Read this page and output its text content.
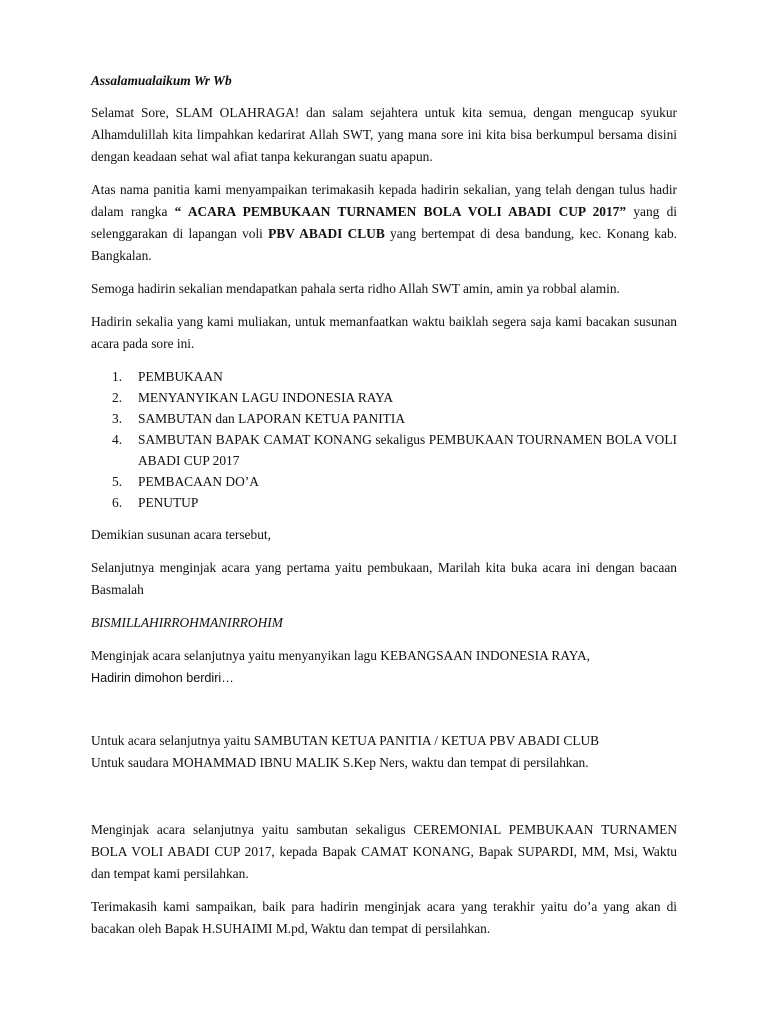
Assalamualaikum Wr Wb

Selamat Sore, SLAM OLAHRAGA! dan salam sejahtera untuk kita semua, dengan mengucap syukur Alhamdulillah kita limpahkan kedarirat Allah SWT, yang mana sore ini kita bisa berkumpul bersama disini dengan keadaan sehat wal afiat tanpa kekurangan suatu apapun.

Atas nama panitia kami menyampaikan terimakasih kepada hadirin sekalian, yang telah dengan tulus hadir dalam rangka “ ACARA PEMBUKAAN TURNAMEN BOLA VOLI ABADI CUP 2017” yang di selenggarakan di lapangan voli PBV ABADI CLUB yang bertempat di desa bandung, kec. Konang kab. Bangkalan.

Semoga hadirin sekalian mendapatkan pahala serta ridho Allah SWT amin, amin ya robbal alamin.

Hadirin sekalia yang kami muliakan, untuk memanfaatkan waktu baiklah segera saja kami bacakan susunan acara pada sore ini.

1. PEMBUKAAN
2. MENYANYIKAN LAGU INDONESIA RAYA
3. SAMBUTAN dan LAPORAN KETUA PANITIA
4. SAMBUTAN BAPAK CAMAT KONANG sekaligus PEMBUKAAN TOURNAMEN BOLA VOLI ABADI CUP 2017
5. PEMBACAAN DO’A
6. PENUTUP

Demikian susunan acara tersebut,

Selanjutnya menginjak acara yang pertama yaitu pembukaan, Marilah kita buka acara ini dengan bacaan Basmalah

BISMILLAHIRROHMANIRROHIM

Menginjak acara selanjutnya yaitu menyanyikan lagu KEBANGSAAN INDONESIA RAYA,
Hadirin dimohon berdiri…

Untuk acara selanjutnya yaitu SAMBUTAN KETUA PANITIA / KETUA PBV ABADI CLUB
Untuk saudara MOHAMMAD IBNU MALIK S.Kep Ners, waktu dan tempat di persilahkan.

Menginjak acara selanjutnya yaitu sambutan sekaligus CEREMONIAL PEMBUKAAN TURNAMEN BOLA VOLI ABADI CUP 2017, kepada Bapak CAMAT KONANG, Bapak SUPARDI, MM, Msi, Waktu dan tempat kami persilahkan.

Terimakasih kami sampaikan, baik para hadirin menginjak acara yang terakhir yaitu do’a yang akan di bacakan oleh Bapak H.SUHAIMI M.pd, Waktu dan tempat di persilahkan.
